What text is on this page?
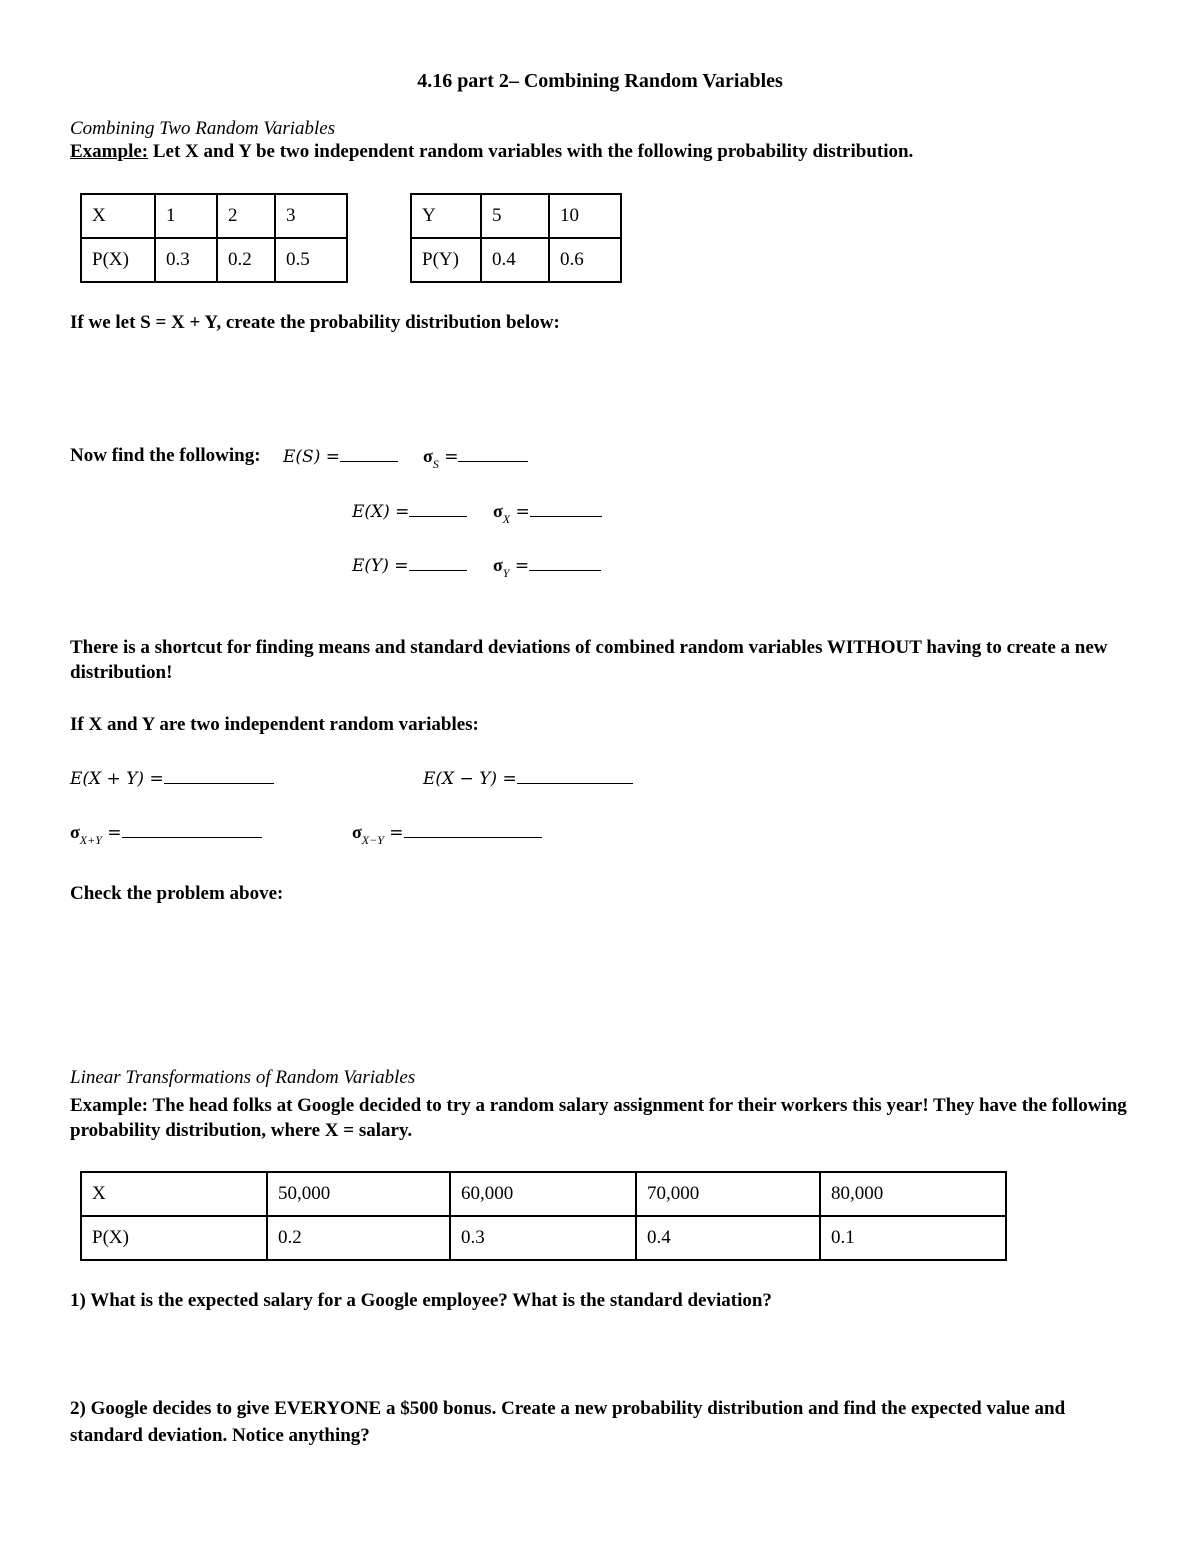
4.16 part 2– Combining Random Variables
Combining Two Random Variables
Example: Let X and Y be two independent random variables with the following probability distribution.
X	1	2	3
P(X)	0.3	0.2	0.5
Y	5	10
P(Y)	0.4	0.6
If we let S = X + Y, create the probability distribution below:
Now find the following: E(S) =	$\sigma_S$ =
E(X) =	$\sigma_X$ =
E(Y) =	$\sigma_Y$ =
There is a shortcut for finding means and standard deviations of combined random variables WITHOUT having to create a new distribution!
If X and Y are two independent random variables:
E(X + Y) =	E(X − Y) =
$\sigma_{X+Y}$ =	$\sigma_{X-Y}$ =
Check the problem above:
Linear Transformations of Random Variables
Example: The head folks at Google decided to try a random salary assignment for their workers this year! They have the following probability distribution, where X = salary.
X	50,000	60,000	70,000	80,000
P(X)	0.2	0.3	0.4	0.1
1) What is the expected salary for a Google employee? What is the standard deviation?
2) Google decides to give EVERYONE a $500 bonus. Create a new probability distribution and find the expected value and standard deviation. Notice anything?
